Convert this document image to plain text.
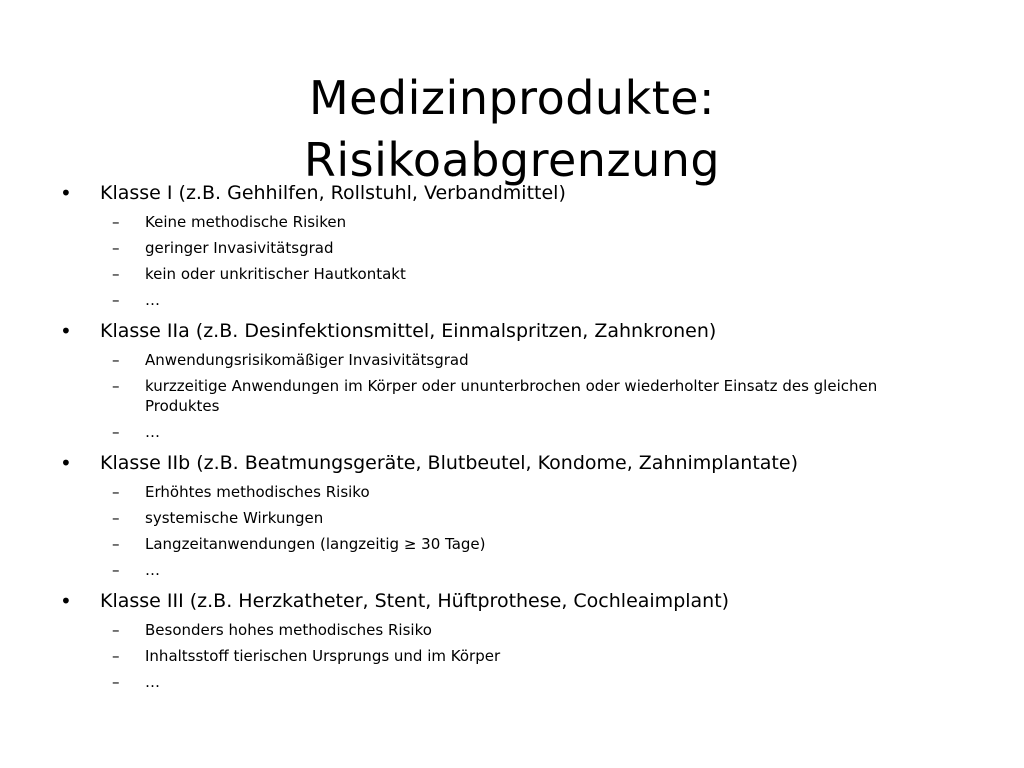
Medizinprodukte:
Risikoabgrenzung
•	Klasse I (z.B. Gehhilfen, Rollstuhl, Verbandmittel)
–	Keine methodische Risiken
–	geringer Invasivitätsgrad
–	kein oder unkritischer Hautkontakt
–	…
•	Klasse IIa (z.B. Desinfektionsmittel, Einmalspritzen, Zahnkronen)
–	Anwendungsrisikomäßiger Invasivitätsgrad
–	kurzzeitige Anwendungen im Körper oder ununterbrochen oder wiederholter Einsatz des gleichen Produktes
–	…
•	Klasse IIb (z.B. Beatmungsgeräte, Blutbeutel, Kondome, Zahnimplantate)
–	Erhöhtes methodisches Risiko
–	systemische Wirkungen
–	Langzeitanwendungen (langzeitig ≥ 30 Tage)
–	…
•	Klasse III (z.B. Herzkatheter, Stent, Hüftprothese, Cochleaimplant)
–	Besonders hohes methodisches Risiko
–	Inhaltsstoff tierischen Ursprungs und im Körper
–	…
